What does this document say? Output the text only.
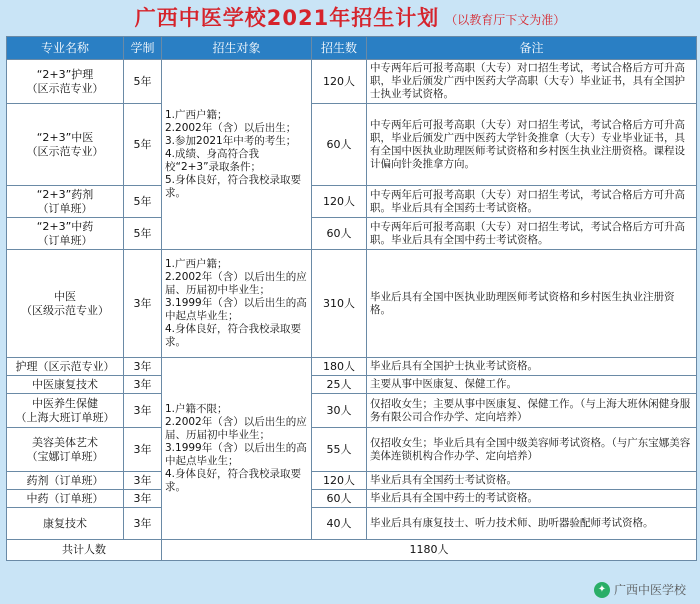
广西中医学校2021年招生计划 （以教育厅下文为准）
专业名称	学制	招生对象	招生数	备注

“2+3”护理
（区示范专业）	5年	1.广西户籍；
2.2002年（含）以后出生；
3.参加2021年中考的考生；
4.成绩、身高符合我校“2+3”录取条件；
5.身体良好，符合我校录取要求。	120人	中专两年后可报考高职（大专）对口招生考试，考试合格后方可升高职，毕业后颁发广西中医药大学高职（大专）毕业证书，具有全国护士执业考试资格。

“2+3”中医
（区示范专业）	5年		60人	中专两年后可报考高职（大专）对口招生考试，考试合格后方可升高职，毕业后颁发广西中医药大学针灸推拿（大专）专业毕业证书，具有全国中医执业助理医师考试资格和乡村医生执业注册资格。课程设计偏向针灸推拿方向。

“2+3”药剂
（订单班）	5年		120人	中专两年后可报考高职（大专）对口招生考试，考试合格后方可升高职。毕业后具有全国药士考试资格。

“2+3”中药
（订单班）	5年		60人	中专两年后可报考高职（大专）对口招生考试，考试合格后方可升高职。毕业后具有全国中药士考试资格。

中医
（区级示范专业）	3年	1.广西户籍；
2.2002年（含）以后出生的应届、历届初中毕业生；
3.1999年（含）以后出生的高中起点毕业生；
4.身体良好，符合我校录取要求。	310人	毕业后具有全国中医执业助理医师考试资格和乡村医生执业注册资格。

护理（区示范专业）	3年	1.户籍不限；
2.2002年（含）以后出生的应届、历届初中毕业生；
3.1999年（含）以后出生的高中起点毕业生；
4.身体良好，符合我校录取要求。	180人	毕业后具有全国护士执业考试资格。

中医康复技术	3年		25人	主要从事中医康复、保健工作。

中医养生保健
（上海大班订单班）	3年		30人	仅招收女生；主要从事中医康复、保健工作。（与上海大班休闲健身服务有限公司合作办学、定向培养）

美容美体艺术
（宝娜订单班）	3年		55人	仅招收女生；毕业后具有全国中级美容师考试资格。（与广东宝娜美容美体连锁机构合作办学、定向培养）

药剂（订单班）	3年		120人	毕业后具有全国药士考试资格。

中药（订单班）	3年		60人	毕业后具有全国中药士的考试资格。

康复技术	3年		40人	毕业后具有康复技士、听力技术师、助听器验配师考试资格。
共计人数		1180人		
✦ 广西中医学校
